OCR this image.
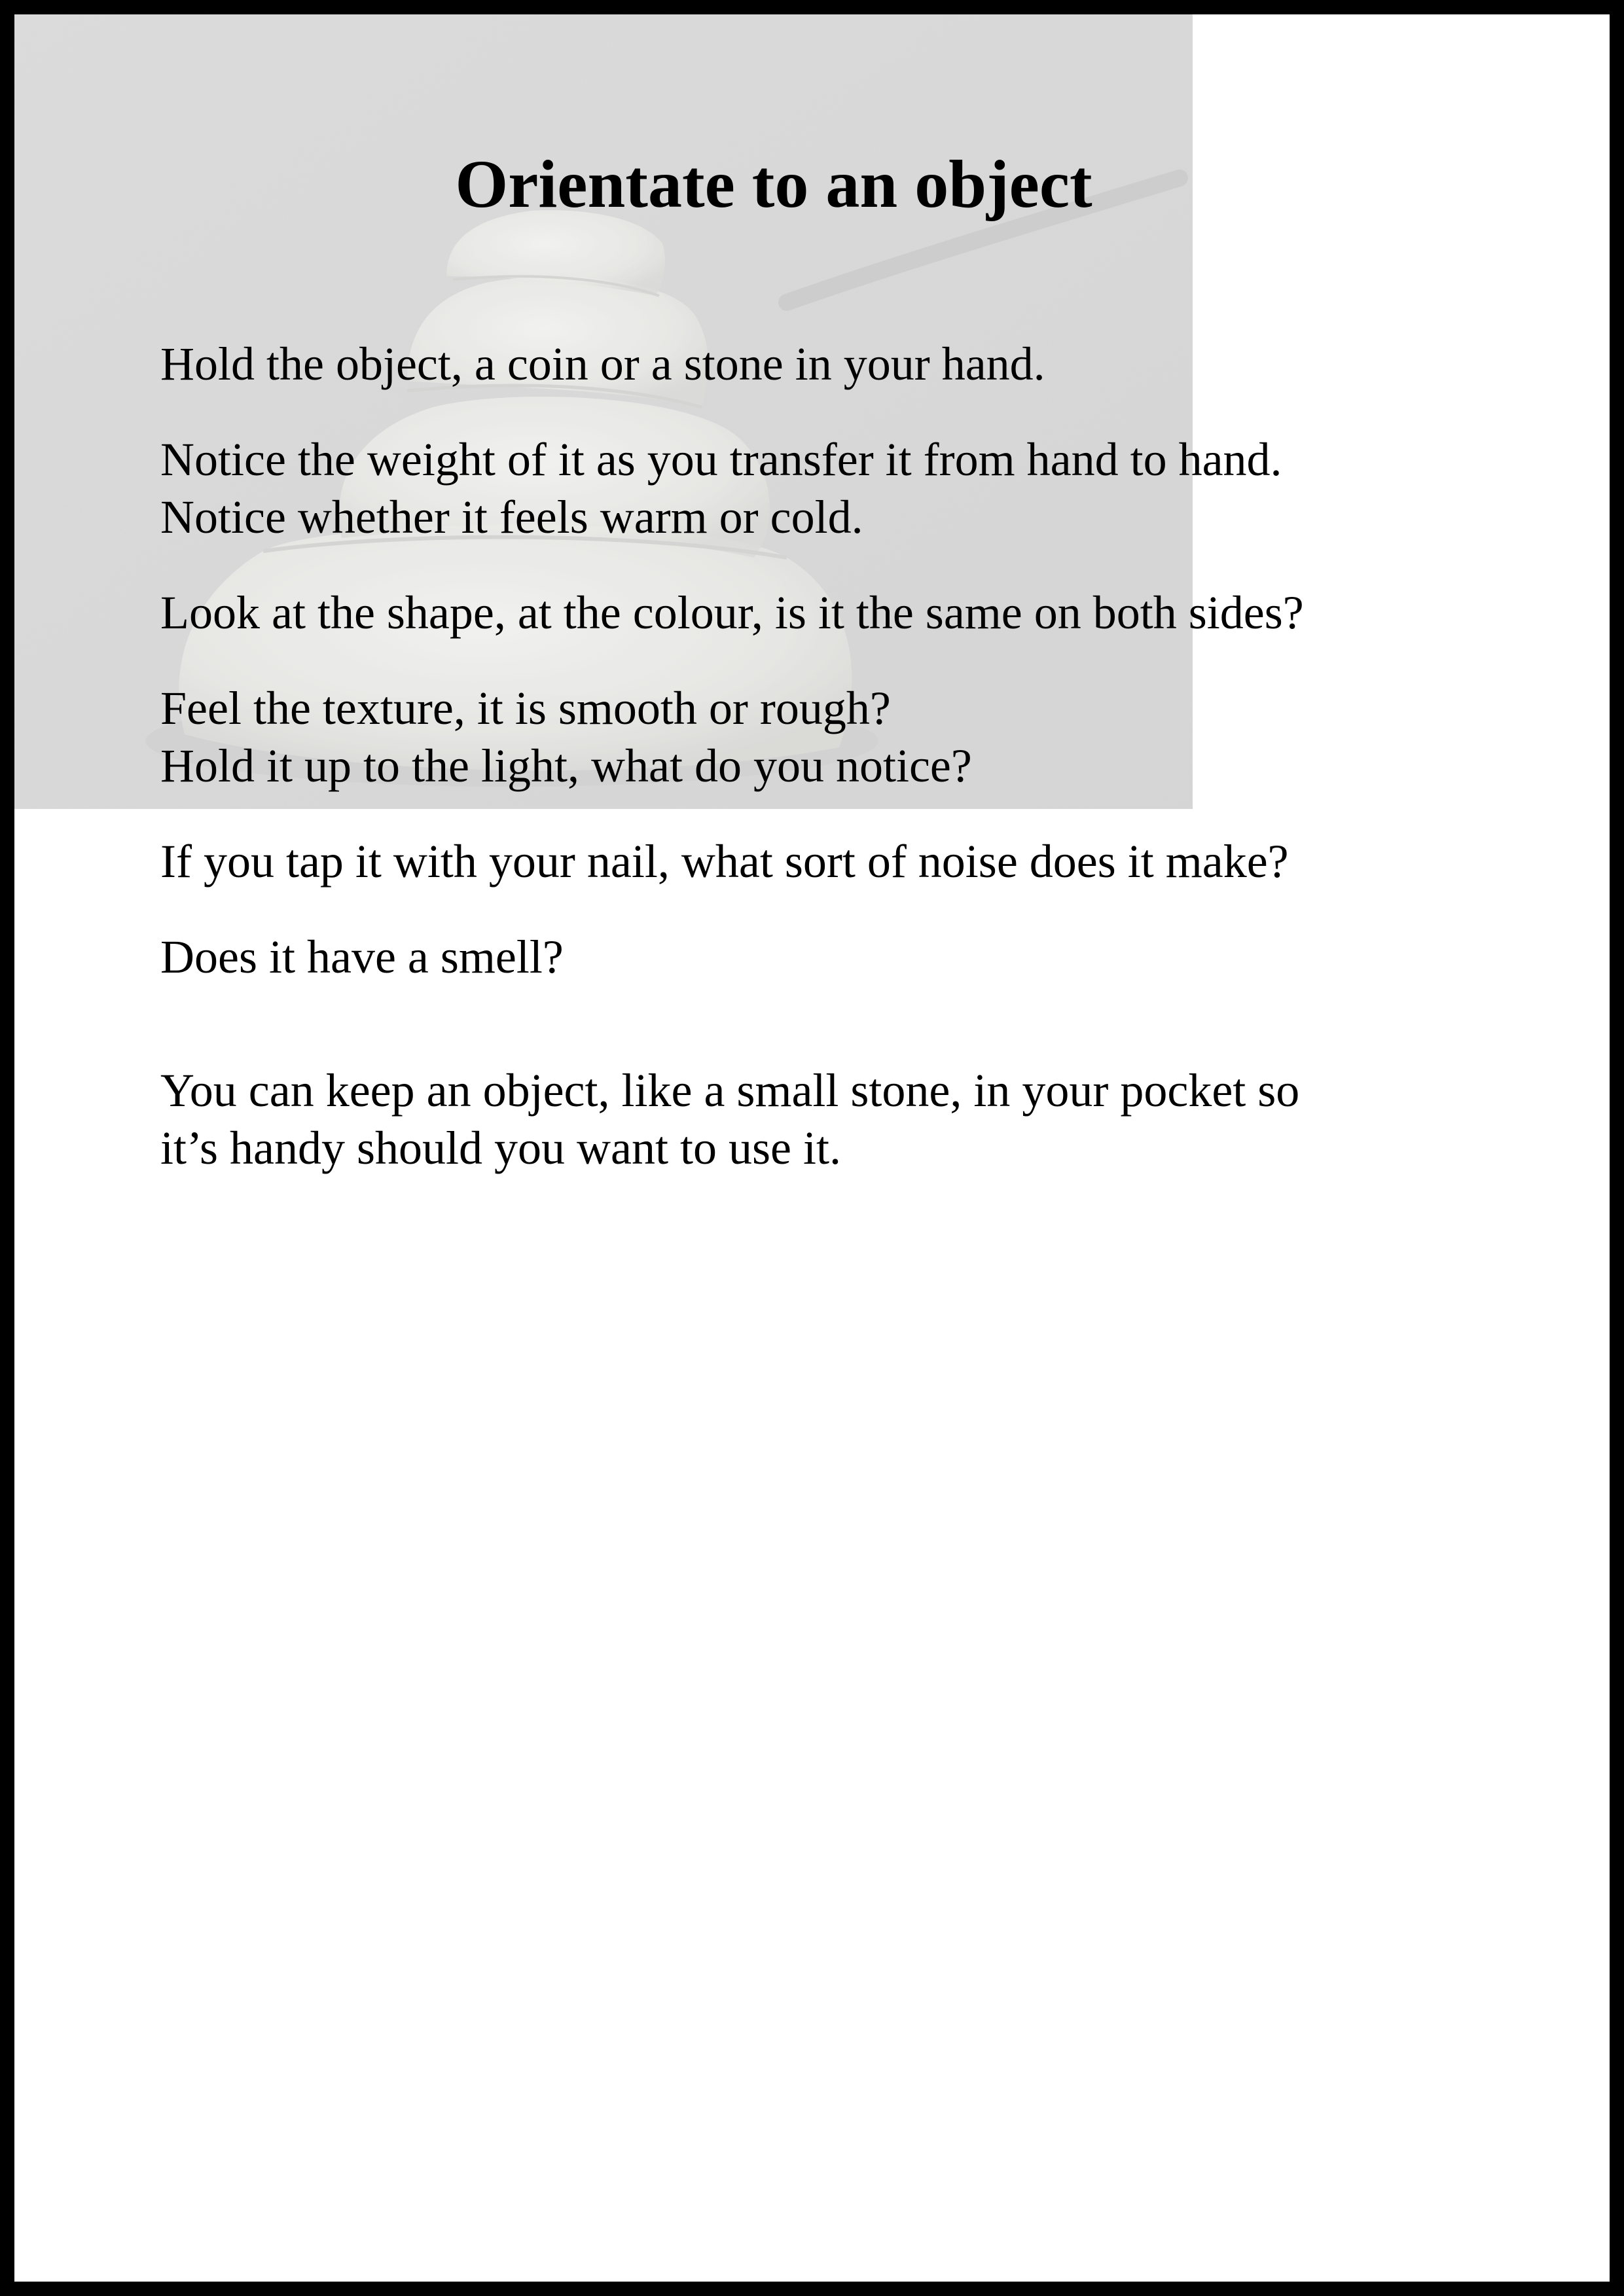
Orientate to an object

Hold the object, a coin or a stone in your hand.

Notice the weight of it as you transfer it from hand to hand.
Notice whether it feels warm or cold.

Look at the shape, at the colour, is it the same on both sides?

Feel the texture, it is smooth or rough?
Hold it up to the light, what do you notice?

If you tap it with your nail, what sort of noise does it make?

Does it have a smell?

You can keep an object, like a small stone, in your pocket so
it’s handy should you want to use it.
